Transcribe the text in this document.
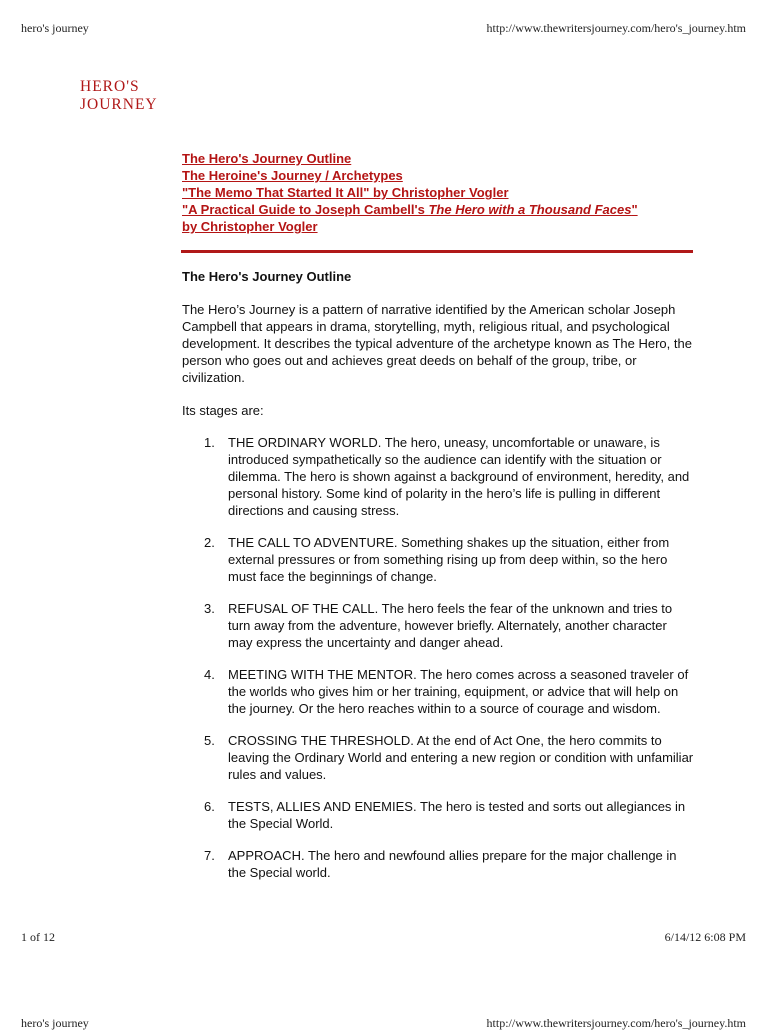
hero's journey	http://www.thewritersjourney.com/hero's_journey.htm
HERO'S
JOURNEY
The Hero's Journey Outline
The Heroine's Journey / Archetypes
"The Memo That Started It All" by Christopher Vogler
"A Practical Guide to Joseph Cambell's The Hero with a Thousand Faces"
by Christopher Vogler
The Hero's Journey Outline

The Hero’s Journey is a pattern of narrative identified by the American scholar Joseph Campbell that appears in drama, storytelling, myth, religious ritual, and psychological development. It describes the typical adventure of the archetype known as The Hero, the person who goes out and achieves great deeds on behalf of the group, tribe, or civilization.

Its stages are:

1. THE ORDINARY WORLD. The hero, uneasy, uncomfortable or unaware, is introduced sympathetically so the audience can identify with the situation or dilemma. The hero is shown against a background of environment, heredity, and personal history. Some kind of polarity in the hero’s life is pulling in different directions and causing stress.
2. THE CALL TO ADVENTURE. Something shakes up the situation, either from external pressures or from something rising up from deep within, so the hero must face the beginnings of change.
3. REFUSAL OF THE CALL. The hero feels the fear of the unknown and tries to turn away from the adventure, however briefly. Alternately, another character may express the uncertainty and danger ahead.
4. MEETING WITH THE MENTOR. The hero comes across a seasoned traveler of the worlds who gives him or her training, equipment, or advice that will help on the journey. Or the hero reaches within to a source of courage and wisdom.
5. CROSSING THE THRESHOLD. At the end of Act One, the hero commits to leaving the Ordinary World and entering a new region or condition with unfamiliar rules and values.
6. TESTS, ALLIES AND ENEMIES. The hero is tested and sorts out allegiances in the Special World.
7. APPROACH. The hero and newfound allies prepare for the major challenge in the Special world.
1 of 12	6/14/12 6:08 PM
hero's journey	http://www.thewritersjourney.com/hero's_journey.htm
